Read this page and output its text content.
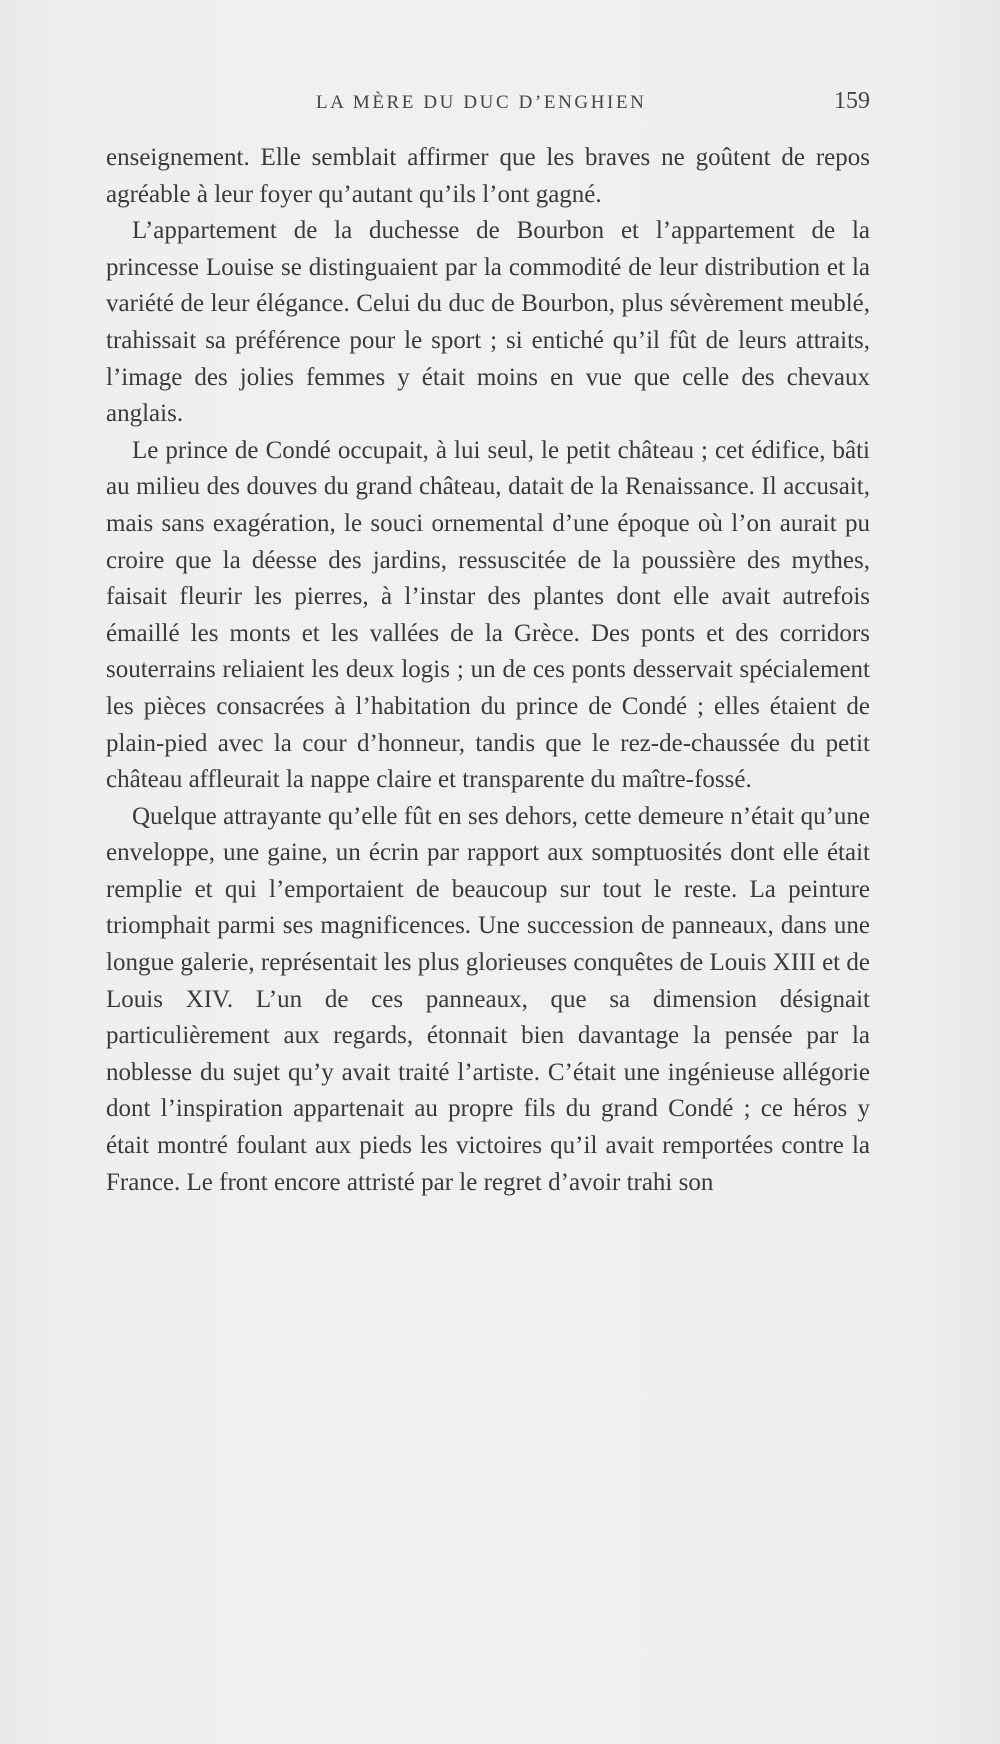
LA MÈRE DU DUC D’ENGHIEN	159

enseignement. Elle semblait affirmer que les braves ne goûtent de repos agréable à leur foyer qu’autant qu’ils l’ont gagné.

L’appartement de la duchesse de Bourbon et l’appartement de la princesse Louise se distinguaient par la commodité de leur distribution et la variété de leur élégance. Celui du duc de Bourbon, plus sévèrement meublé, trahissait sa préférence pour le sport ; si entiché qu’il fût de leurs attraits, l’image des jolies femmes y était moins en vue que celle des chevaux anglais.

Le prince de Condé occupait, à lui seul, le petit château ; cet édifice, bâti au milieu des douves du grand château, datait de la Renaissance. Il accusait, mais sans exagération, le souci ornemental d’une époque où l’on aurait pu croire que la déesse des jardins, ressuscitée de la poussière des mythes, faisait fleurir les pierres, à l’instar des plantes dont elle avait autrefois émaillé les monts et les vallées de la Grèce. Des ponts et des corridors souterrains reliaient les deux logis ; un de ces ponts desservait spécialement les pièces consacrées à l’habitation du prince de Condé ; elles étaient de plain-pied avec la cour d’honneur, tandis que le rez-de-chaussée du petit château affleurait la nappe claire et transparente du maître-fossé.

Quelque attrayante qu’elle fût en ses dehors, cette demeure n’était qu’une enveloppe, une gaine, un écrin par rapport aux somptuosités dont elle était remplie et qui l’emportaient de beaucoup sur tout le reste. La peinture triomphait parmi ses magnificences. Une succession de panneaux, dans une longue galerie, représentait les plus glorieuses conquêtes de Louis XIII et de Louis XIV. L’un de ces panneaux, que sa dimension désignait particulièrement aux regards, étonnait bien davantage la pensée par la noblesse du sujet qu’y avait traité l’artiste. C’était une ingénieuse allégorie dont l’inspiration appartenait au propre fils du grand Condé ; ce héros y était montré foulant aux pieds les victoires qu’il avait remportées contre la France. Le front encore attristé par le regret d’avoir trahi son
